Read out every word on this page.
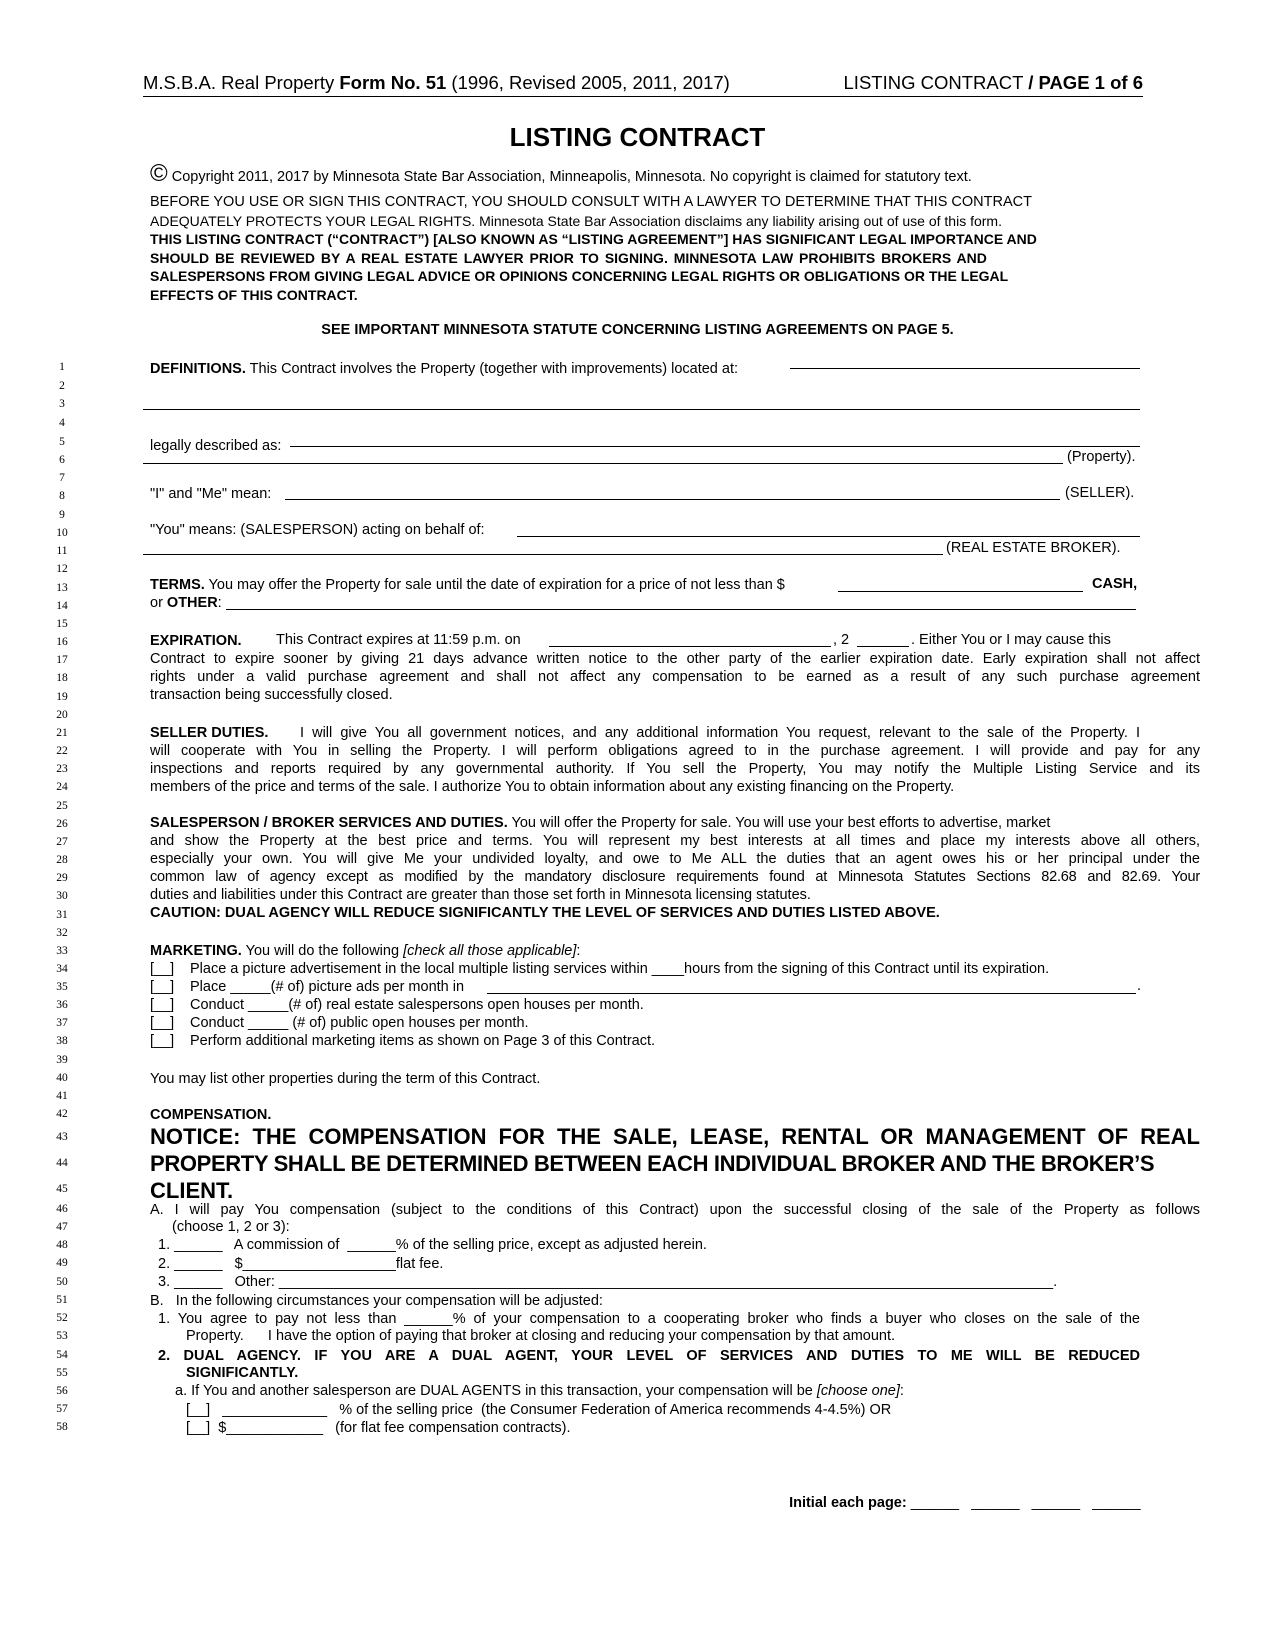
M.S.B.A. Real Property Form No. 51 (1996, Revised 2005, 2011, 2017)	LISTING CONTRACT / PAGE 1 of 6
LISTING CONTRACT
© Copyright 2011, 2017 by Minnesota State Bar Association, Minneapolis, Minnesota. No copyright is claimed for statutory text.
BEFORE YOU USE OR SIGN THIS CONTRACT, YOU SHOULD CONSULT WITH A LAWYER TO DETERMINE THAT THIS CONTRACT
ADEQUATELY PROTECTS YOUR LEGAL RIGHTS. Minnesota State Bar Association disclaims any liability arising out of use of this form.
THIS LISTING CONTRACT (“CONTRACT”) [ALSO KNOWN AS “LISTING AGREEMENT”] HAS SIGNIFICANT LEGAL IMPORTANCE AND
SHOULD BE REVIEWED BY A REAL ESTATE LAWYER PRIOR TO SIGNING. MINNESOTA LAW PROHIBITS BROKERS AND
SALESPERSONS FROM GIVING LEGAL ADVICE OR OPINIONS CONCERNING LEGAL RIGHTS OR OBLIGATIONS OR THE LEGAL
EFFECTS OF THIS CONTRACT.
SEE IMPORTANT MINNESOTA STATUTE CONCERNING LISTING AGREEMENTS ON PAGE 5.
1
2
3
4
5
6
7
8
9
10
11
12
13
14
15
16
17
18
19
20
21
22
23
24
25
26
27
28
29
30
31
32
33
34
35
36
37
38
39
40
41
42
43
44
45
46
47
48
49
50
51
52
53
54
55
56
57
58
DEFINITIONS. This Contract involves the Property (together with improvements) located at:
legally described as:
(Property).
"I" and "Me" mean:	(SELLER).
"You" means: (SALESPERSON) acting on behalf of:
(REAL ESTATE BROKER).
TERMS. You may offer the Property for sale until the date of expiration for a price of not less than $	CASH,
or OTHER:
EXPIRATION.	This Contract expires at 11:59 p.m. on	, 2	. Either You or I may cause this
Contract to expire sooner by giving 21 days advance written notice to the other party of the earlier expiration date. Early expiration shall not affect
rights under a valid purchase agreement and shall not affect any compensation to be earned as a result of any such purchase agreement
transaction being successfully closed.
SELLER DUTIES.	I will give You all government notices, and any additional information You request, relevant to the sale of the Property. I
will cooperate with You in selling the Property. I will perform obligations agreed to in the purchase agreement. I will provide and pay for any
inspections and reports required by any governmental authority. If You sell the Property, You may notify the Multiple Listing Service and its
members of the price and terms of the sale. I authorize You to obtain information about any existing financing on the Property.
SALESPERSON / BROKER SERVICES AND DUTIES. You will offer the Property for sale. You will use your best efforts to advertise, market
and show the Property at the best price and terms. You will represent my best interests at all times and place my interests above all others,
especially your own. You will give Me your undivided loyalty, and owe to Me ALL the duties that an agent owes his or her principal under the
common law of agency except as modified by the mandatory disclosure requirements found at Minnesota Statutes Sections 82.68 and 82.69. Your
duties and liabilities under this Contract are greater than those set forth in Minnesota licensing statutes.
CAUTION: DUAL AGENCY WILL REDUCE SIGNIFICANTLY THE LEVEL OF SERVICES AND DUTIES LISTED ABOVE.
MARKETING. You will do the following [check all those applicable]:
[__] Place a picture advertisement in the local multiple listing services within ____hours from the signing of this Contract until its expiration.
[__] Place _____(# of) picture ads per month in	.
[__] Conduct _____(# of) real estate salespersons open houses per month.
[__] Conduct _____ (# of) public open houses per month.
[__] Perform additional marketing items as shown on Page 3 of this Contract.
You may list other properties during the term of this Contract.
COMPENSATION.
NOTICE: THE COMPENSATION FOR THE SALE, LEASE, RENTAL OR MANAGEMENT OF REAL
PROPERTY SHALL BE DETERMINED BETWEEN EACH INDIVIDUAL BROKER AND THE BROKER’S
CLIENT.
A. I will pay You compensation (subject to the conditions of this Contract) upon the successful closing of the sale of the Property as follows
(choose 1, 2 or 3):
1. ______   A commission of  ______% of the selling price, except as adjusted herein.
2. ______   $___________________flat fee.
3. ______   Other: ________________________________________________________________________________________________.
B.   In the following circumstances your compensation will be adjusted:
1. You agree to pay not less than ______% of your compensation to a cooperating broker who finds a buyer who closes on the sale of the
Property.      I have the option of paying that broker at closing and reducing your compensation by that amount.
2. DUAL AGENCY. IF YOU ARE A DUAL AGENT, YOUR LEVEL OF SERVICES AND DUTIES TO ME WILL BE REDUCED
SIGNIFICANTLY.
a. If You and another salesperson are DUAL AGENTS in this transaction, your compensation will be [choose one]:
[__]   _____________   % of the selling price  (the Consumer Federation of America recommends 4-4.5%) OR
[__]  $____________   (for flat fee compensation contracts).

Initial each page: ______   ______   ______   ______
